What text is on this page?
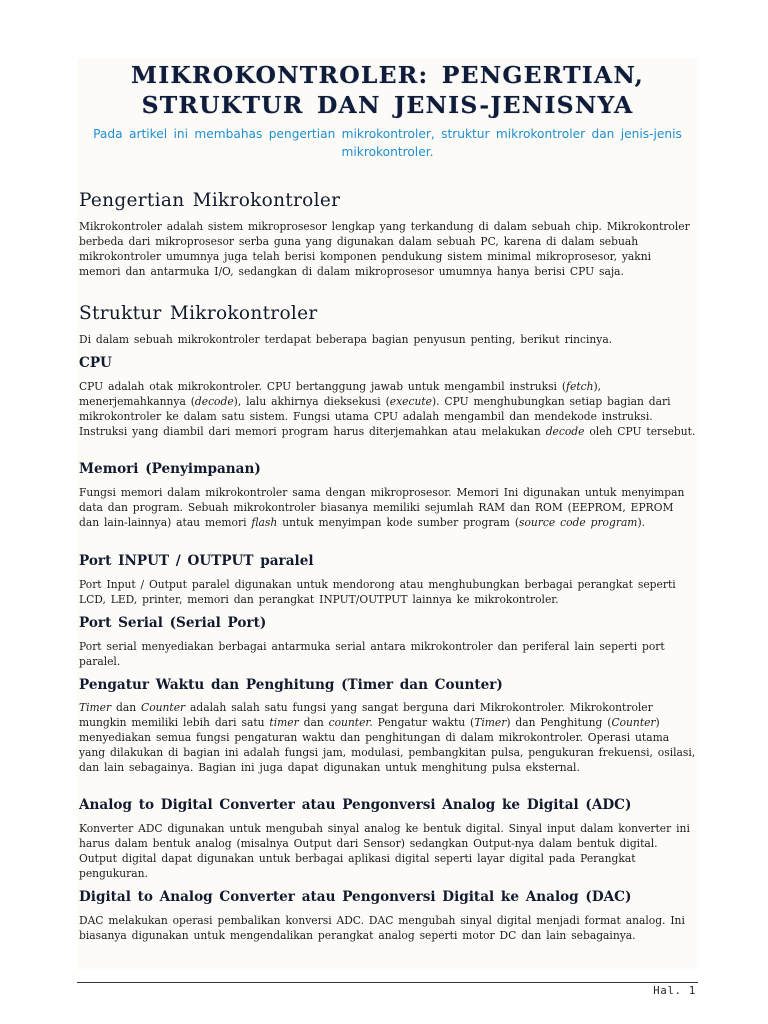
MIKROKONTROLER: PENGERTIAN,
STRUKTUR DAN JENIS-JENISNYA

Pada artikel ini membahas pengertian mikrokontroler, struktur mikrokontroler dan jenis-jenis mikrokontroler.

Pengertian Mikrokontroler

Mikrokontroler adalah sistem mikroprosesor lengkap yang terkandung di dalam sebuah chip. Mikrokontroler berbeda dari mikroprosesor serba guna yang digunakan dalam sebuah PC, karena di dalam sebuah mikrokontroler umumnya juga telah berisi komponen pendukung sistem minimal mikroprosesor, yakni memori dan antarmuka I/O, sedangkan di dalam mikroprosesor umumnya hanya berisi CPU saja.

Struktur Mikrokontroler

Di dalam sebuah mikrokontroler terdapat beberapa bagian penyusun penting, berikut rincinya.

CPU

CPU adalah otak mikrokontroler. CPU bertanggung jawab untuk mengambil instruksi (fetch), menerjemahkannya (decode), lalu akhirnya dieksekusi (execute). CPU menghubungkan setiap bagian dari mikrokontroler ke dalam satu sistem. Fungsi utama CPU adalah mengambil dan mendekode instruksi. Instruksi yang diambil dari memori program harus diterjemahkan atau melakukan decode oleh CPU tersebut.

Memori (Penyimpanan)

Fungsi memori dalam mikrokontroler sama dengan mikroprosesor. Memori Ini digunakan untuk menyimpan data dan program. Sebuah mikrokontroler biasanya memiliki sejumlah RAM dan ROM (EEPROM, EPROM dan lain-lainnya) atau memori flash untuk menyimpan kode sumber program (source code program).

Port INPUT / OUTPUT paralel

Port Input / Output paralel digunakan untuk mendorong atau menghubungkan berbagai perangkat seperti LCD, LED, printer, memori dan perangkat INPUT/OUTPUT lainnya ke mikrokontroler.

Port Serial (Serial Port)

Port serial menyediakan berbagai antarmuka serial antara mikrokontroler dan periferal lain seperti port paralel.

Pengatur Waktu dan Penghitung (Timer dan Counter)

Timer dan Counter adalah salah satu fungsi yang sangat berguna dari Mikrokontroler. Mikrokontroler mungkin memiliki lebih dari satu timer dan counter. Pengatur waktu (Timer) dan Penghitung (Counter) menyediakan semua fungsi pengaturan waktu dan penghitungan di dalam mikrokontroler. Operasi utama yang dilakukan di bagian ini adalah fungsi jam, modulasi, pembangkitan pulsa, pengukuran frekuensi, osilasi, dan lain sebagainya. Bagian ini juga dapat digunakan untuk menghitung pulsa eksternal.

Analog to Digital Converter atau Pengonversi Analog ke Digital (ADC)

Konverter ADC digunakan untuk mengubah sinyal analog ke bentuk digital. Sinyal input dalam konverter ini harus dalam bentuk analog (misalnya Output dari Sensor) sedangkan Output-nya dalam bentuk digital. Output digital dapat digunakan untuk berbagai aplikasi digital seperti layar digital pada Perangkat pengukuran.

Digital to Analog Converter atau Pengonversi Digital ke Analog (DAC)

DAC melakukan operasi pembalikan konversi ADC. DAC mengubah sinyal digital menjadi format analog. Ini biasanya digunakan untuk mengendalikan perangkat analog seperti motor DC dan lain sebagainya.

Hal. 1
